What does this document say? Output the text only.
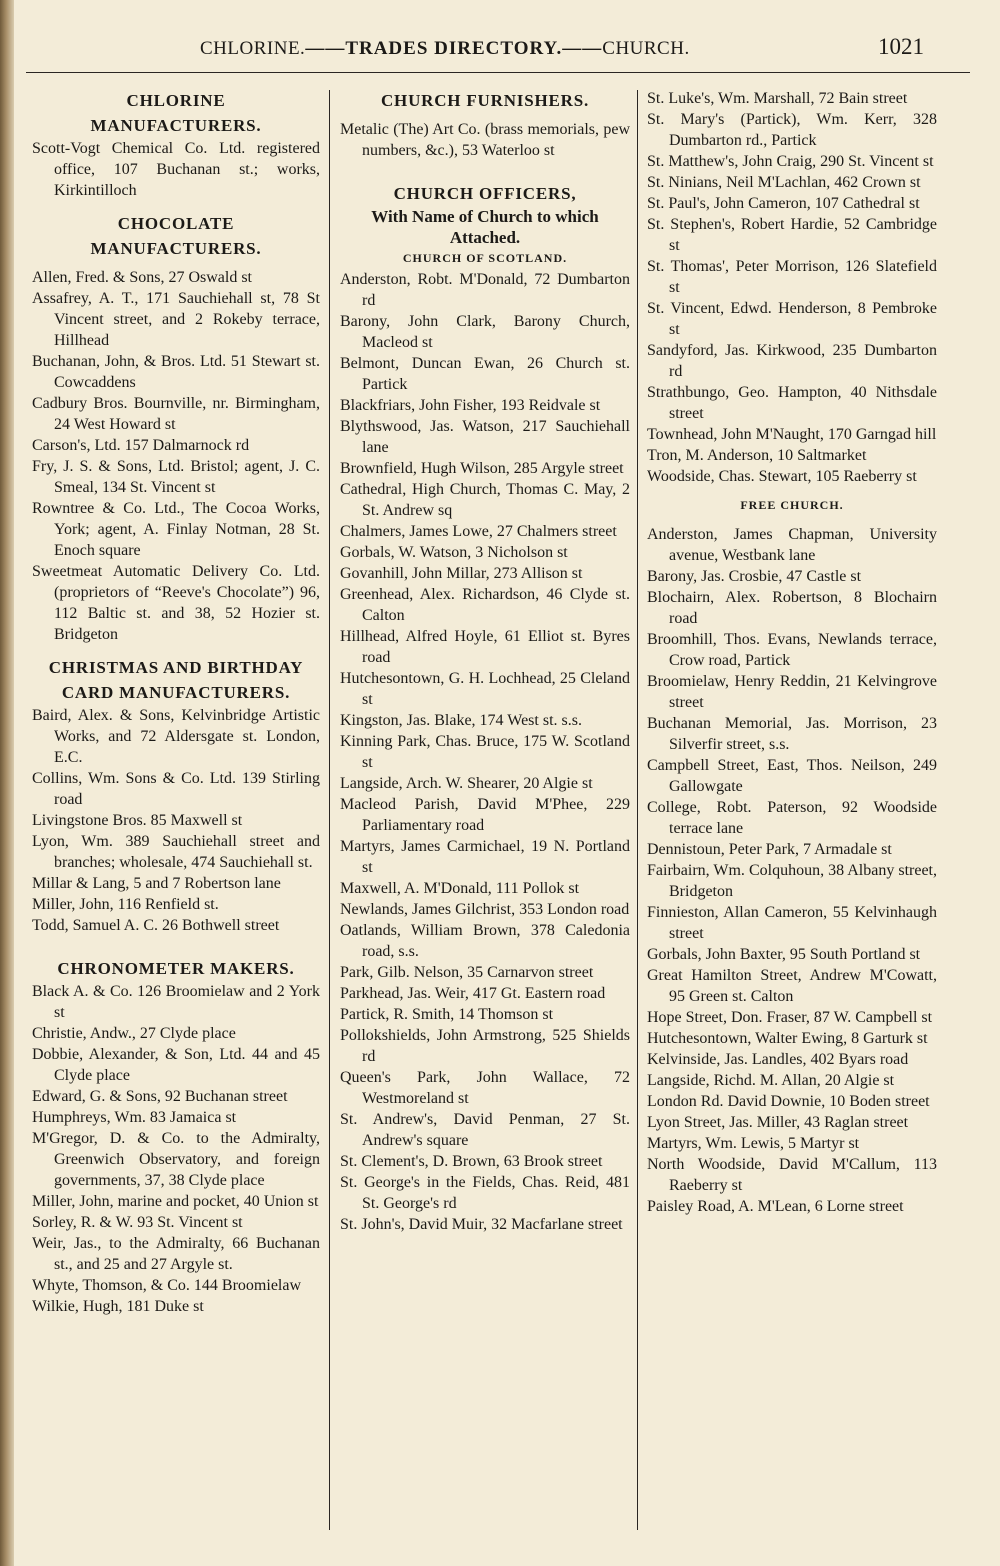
CHLORINE.——TRADES DIRECTORY.——CHURCH.	1021

CHLORINE

MANUFACTURERS.

Scott-Vogt Chemical Co. Ltd. registered office, 107 Buchanan st.; works, Kirkintilloch

CHOCOLATE

MANUFACTURERS.

Allen, Fred. & Sons, 27 Oswald st

Assafrey, A. T., 171 Sauchiehall st, 78 St Vincent street, and 2 Rokeby terrace, Hillhead

Buchanan, John, & Bros. Ltd. 51 Stewart st. Cowcaddens

Cadbury Bros. Bournville, nr. Birmingham, 24 West Howard st

Carson's, Ltd. 157 Dalmarnock rd

Fry, J. S. & Sons, Ltd. Bristol; agent, J. C. Smeal, 134 St. Vincent st

Rowntree & Co. Ltd., The Cocoa Works, York; agent, A. Finlay Notman, 28 St. Enoch square

Sweetmeat Automatic Delivery Co. Ltd. (proprietors of “Reeve's Chocolate”) 96, 112 Baltic st. and 38, 52 Hozier st. Bridgeton

CHRISTMAS AND BIRTHDAY

CARD MANUFACTURERS.

Baird, Alex. & Sons, Kelvinbridge Artistic Works, and 72 Aldersgate st. London, E.C.

Collins, Wm. Sons & Co. Ltd. 139 Stirling road

Livingstone Bros. 85 Maxwell st

Lyon, Wm. 389 Sauchiehall street and branches; wholesale, 474 Sauchiehall st.

Millar & Lang, 5 and 7 Robertson lane

Miller, John, 116 Renfield st.

Todd, Samuel A. C. 26 Bothwell street

CHRONOMETER MAKERS.

Black A. & Co. 126 Broomielaw and 2 York st

Christie, Andw., 27 Clyde place

Dobbie, Alexander, & Son, Ltd. 44 and 45 Clyde place

Edward, G. & Sons, 92 Buchanan street

Humphreys, Wm. 83 Jamaica st

M'Gregor, D. & Co. to the Admiralty, Greenwich Observatory, and foreign governments, 37, 38 Clyde place

Miller, John, marine and pocket, 40 Union st

Sorley, R. & W. 93 St. Vincent st

Weir, Jas., to the Admiralty, 66 Buchanan st., and 25 and 27 Argyle st.

Whyte, Thomson, & Co. 144 Broomielaw

Wilkie, Hugh, 181 Duke st

CHURCH FURNISHERS.

Metalic (The) Art Co. (brass memorials, pew numbers, &c.), 53 Waterloo st

CHURCH OFFICERS,

With Name of Church to which

Attached.

CHURCH OF SCOTLAND.

Anderston, Robt. M'Donald, 72 Dumbarton rd

Barony, John Clark, Barony Church, Macleod st

Belmont, Duncan Ewan, 26 Church st. Partick

Blackfriars, John Fisher, 193 Reidvale st

Blythswood, Jas. Watson, 217 Sauchiehall lane

Brownfield, Hugh Wilson, 285 Argyle street

Cathedral, High Church, Thomas C. May, 2 St. Andrew sq

Chalmers, James Lowe, 27 Chalmers street

Gorbals, W. Watson, 3 Nicholson st

Govanhill, John Millar, 273 Allison st

Greenhead, Alex. Richardson, 46 Clyde st. Calton

Hillhead, Alfred Hoyle, 61 Elliot st. Byres road

Hutchesontown, G. H. Lochhead, 25 Cleland st

Kingston, Jas. Blake, 174 West st. s.s.

Kinning Park, Chas. Bruce, 175 W. Scotland st

Langside, Arch. W. Shearer, 20 Algie st

Macleod Parish, David M'Phee, 229 Parliamentary road

Martyrs, James Carmichael, 19 N. Portland st

Maxwell, A. M'Donald, 111 Pollok st

Newlands, James Gilchrist, 353 London road

Oatlands, William Brown, 378 Caledonia road, s.s.

Park, Gilb. Nelson, 35 Carnarvon street

Parkhead, Jas. Weir, 417 Gt. Eastern road

Partick, R. Smith, 14 Thomson st

Pollokshields, John Armstrong, 525 Shields rd

Queen's Park, John Wallace, 72 Westmoreland st

St. Andrew's, David Penman, 27 St. Andrew's square

St. Clement's, D. Brown, 63 Brook street

St. George's in the Fields, Chas. Reid, 481 St. George's rd

St. John's, David Muir, 32 Macfarlane street

St. Luke's, Wm. Marshall, 72 Bain street

St. Mary's (Partick), Wm. Kerr, 328 Dumbarton rd., Partick

St. Matthew's, John Craig, 290 St. Vincent st

St. Ninians, Neil M'Lachlan, 462 Crown st

St. Paul's, John Cameron, 107 Cathedral st

St. Stephen's, Robert Hardie, 52 Cambridge st

St. Thomas', Peter Morrison, 126 Slatefield st

St. Vincent, Edwd. Henderson, 8 Pembroke st

Sandyford, Jas. Kirkwood, 235 Dumbarton rd

Strathbungo, Geo. Hampton, 40 Nithsdale street

Townhead, John M'Naught, 170 Garngad hill

Tron, M. Anderson, 10 Saltmarket

Woodside, Chas. Stewart, 105 Raeberry st

FREE CHURCH.

Anderston, James Chapman, University avenue, Westbank lane

Barony, Jas. Crosbie, 47 Castle st

Blochairn, Alex. Robertson, 8 Blochairn road

Broomhill, Thos. Evans, Newlands terrace, Crow road, Partick

Broomielaw, Henry Reddin, 21 Kelvingrove street

Buchanan Memorial, Jas. Morrison, 23 Silverfir street, s.s.

Campbell Street, East, Thos. Neilson, 249 Gallowgate

College, Robt. Paterson, 92 Woodside terrace lane

Dennistoun, Peter Park, 7 Armadale st

Fairbairn, Wm. Colquhoun, 38 Albany street, Bridgeton

Finnieston, Allan Cameron, 55 Kelvinhaugh street

Gorbals, John Baxter, 95 South Portland st

Great Hamilton Street, Andrew M'Cowatt, 95 Green st. Calton

Hope Street, Don. Fraser, 87 W. Campbell st

Hutchesontown, Walter Ewing, 8 Garturk st

Kelvinside, Jas. Landles, 402 Byars road

Langside, Richd. M. Allan, 20 Algie st

London Rd. David Downie, 10 Boden street

Lyon Street, Jas. Miller, 43 Raglan street

Martyrs, Wm. Lewis, 5 Martyr st

North Woodside, David M'Callum, 113 Raeberry st

Paisley Road, A. M'Lean, 6 Lorne street
